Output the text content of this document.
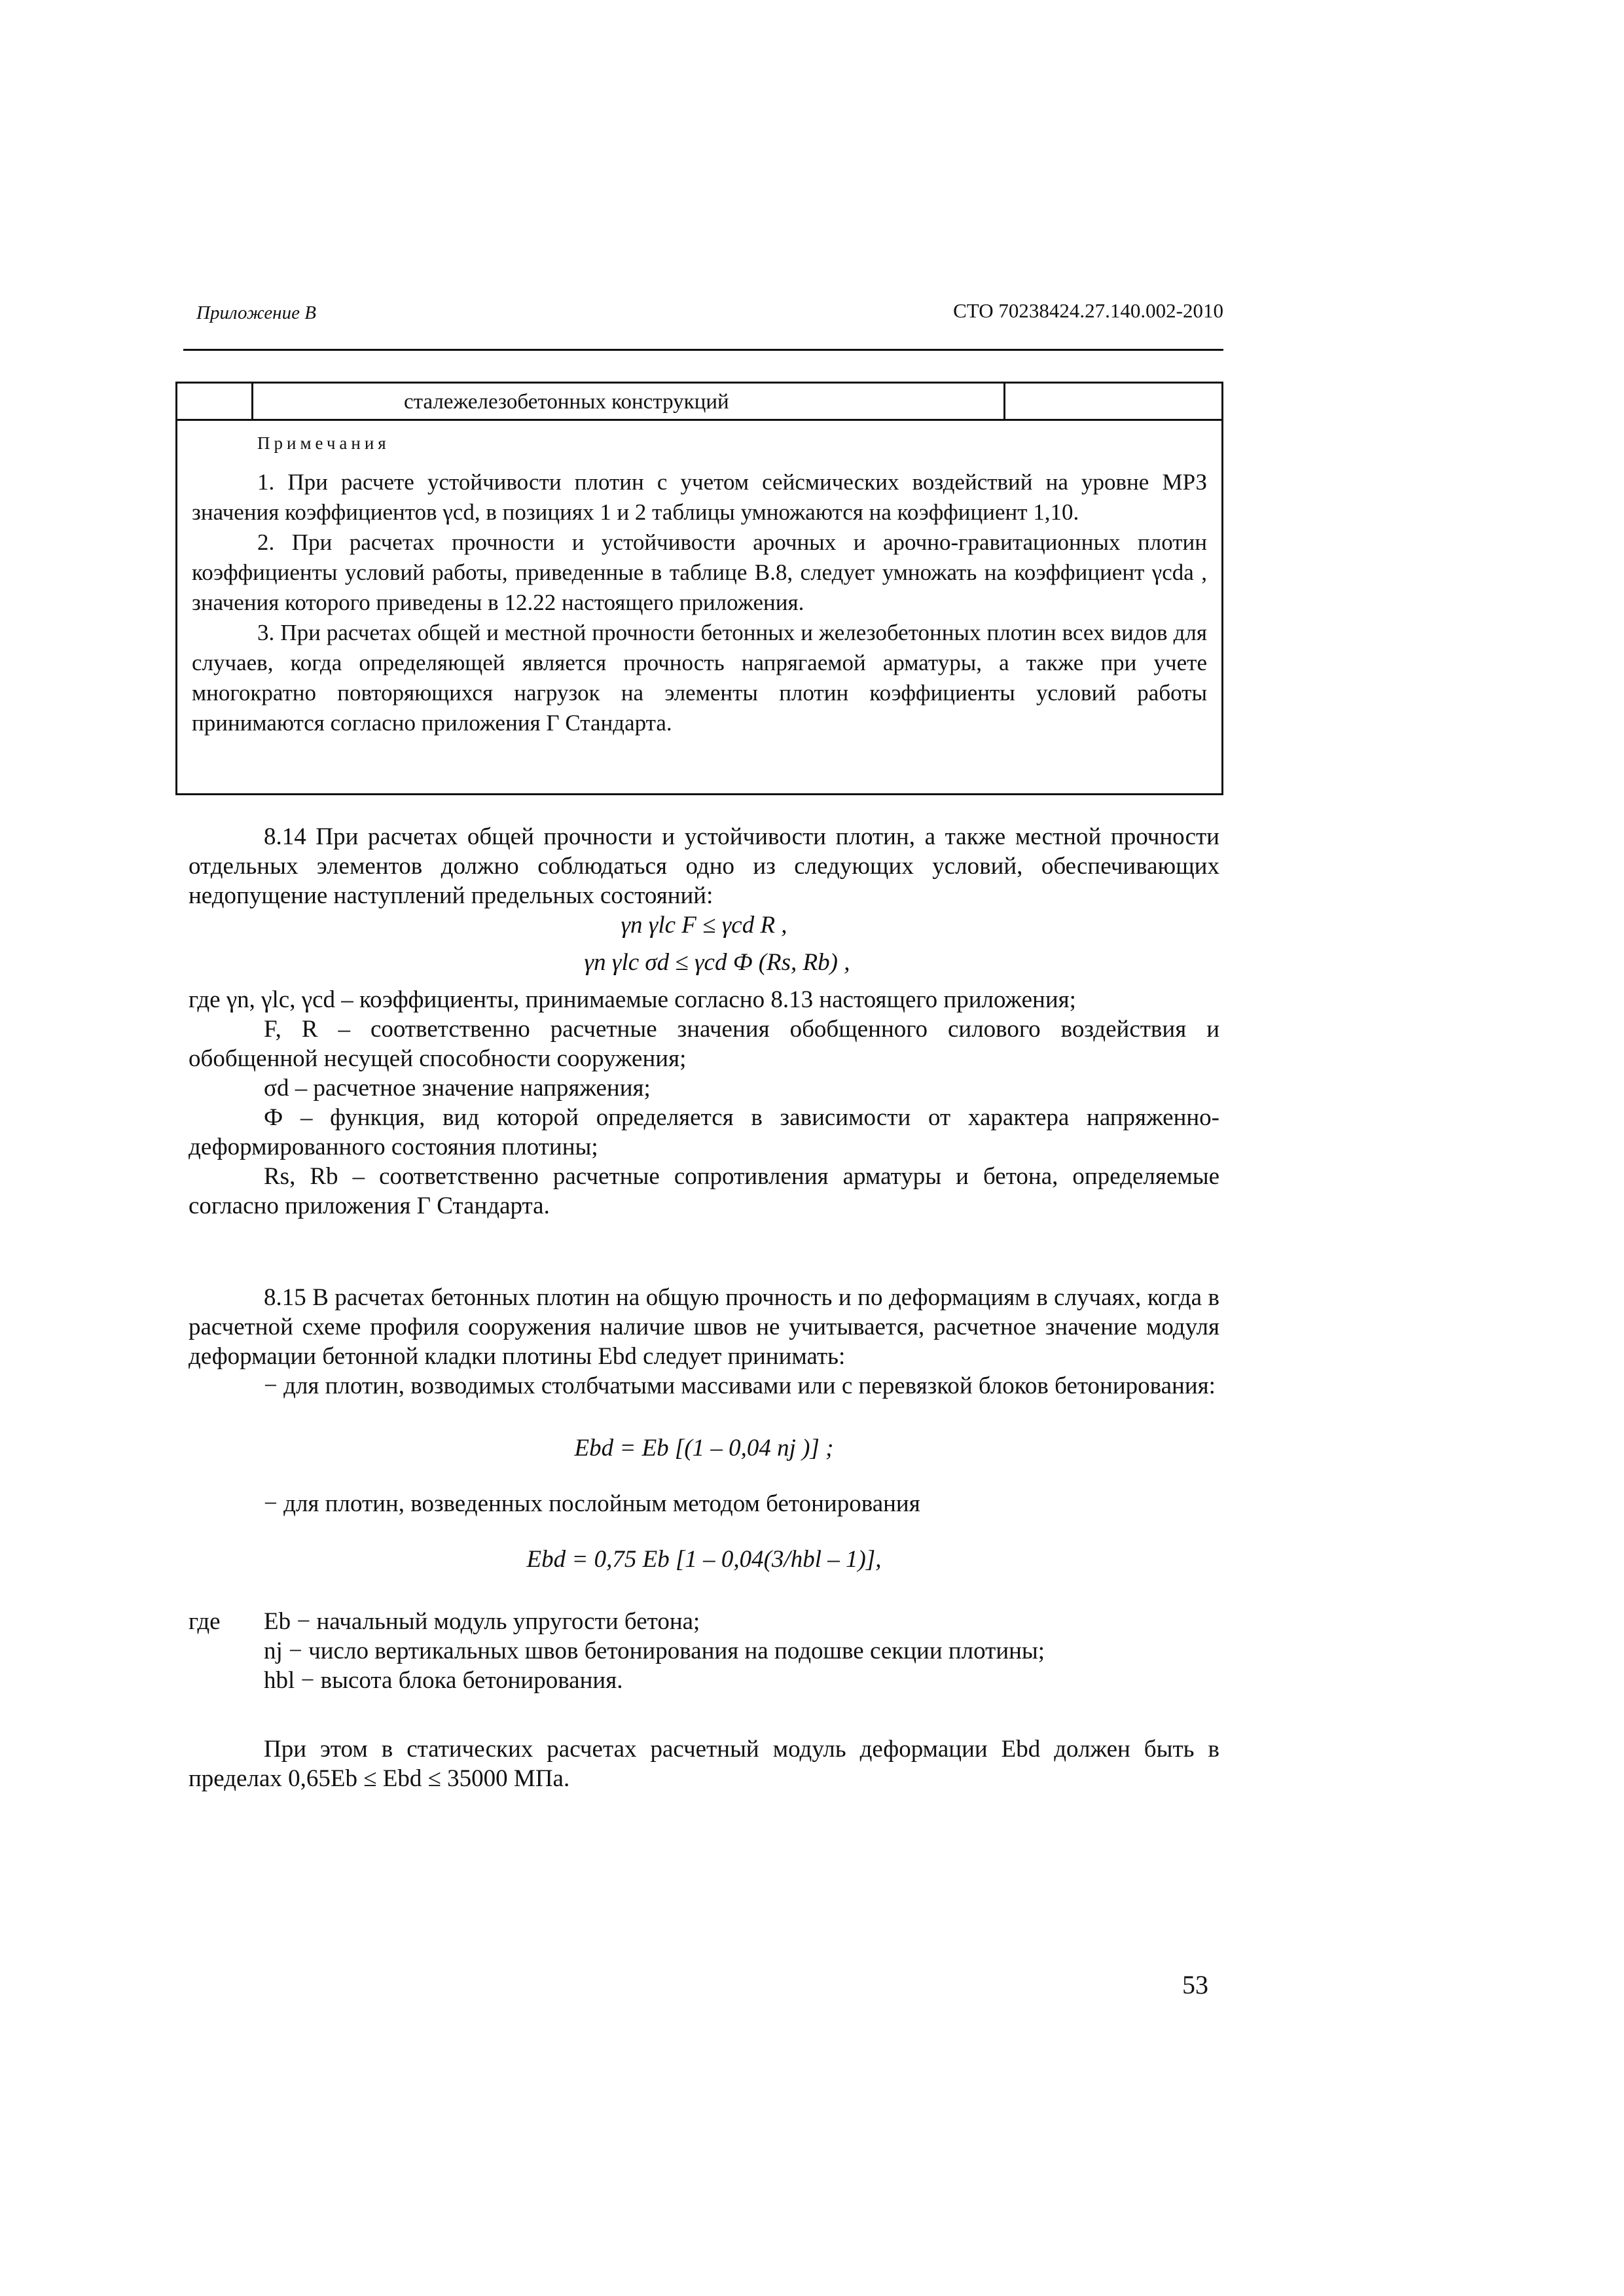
Приложение В	СТО 70238424.27.140.002-2010
сталежелезобетонных конструкций
Примечания

1. При расчете устойчивости плотин с учетом сейсмических воздействий на уровне МРЗ значения коэффициентов γcd, в позициях 1 и 2 таблицы умножаются на коэффициент 1,10.

2. При расчетах прочности и устойчивости арочных и арочно-гравитационных плотин коэффициенты условий работы, приведенные в таблице В.8, следует умножать на коэффициент γcda , значения которого приведены в 12.22 настоящего приложения.

3. При расчетах общей и местной прочности бетонных и железобетонных плотин всех видов для случаев, когда определяющей является прочность напрягаемой арматуры, а также при учете многократно повторяющихся нагрузок на элементы плотин коэффициенты условий работы принимаются согласно приложения Г Стандарта.

8.14 При расчетах общей прочности и устойчивости плотин, а также местной прочности отдельных элементов должно соблюдаться одно из следующих условий, обеспечивающих недопущение наступлений предельных состояний:

γn γlc F ≤ γcd R ,

γn γlc σd ≤ γcd Ф (Rs, Rb) ,

где γn, γlc, γcd – коэффициенты, принимаемые согласно 8.13 настоящего приложения;

F, R – соответственно расчетные значения обобщенного силового воздействия и обобщенной несущей способности сооружения;

σd – расчетное значение напряжения;

Ф – функция, вид которой определяется в зависимости от характера напряженно-деформированного состояния плотины;

Rs, Rb – соответственно расчетные сопротивления арматуры и бетона, определяемые согласно приложения Г Стандарта.

8.15 В расчетах бетонных плотин на общую прочность и по деформациям в случаях, когда в расчетной схеме профиля сооружения наличие швов не учитывается, расчетное значение модуля деформации бетонной кладки плотины Ebd следует принимать:

− для плотин, возводимых столбчатыми массивами или с перевязкой блоков бетонирования:

Ebd = Eb [(1 – 0,04 nj )] ;

− для плотин, возведенных послойным методом бетонирования

Ebd = 0,75 Eb [1 – 0,04(3/hbl – 1)],

где	Eb − начальный модуль упругости бетона;

nj − число вертикальных швов бетонирования на подошве секции плотины;

hbl − высота блока бетонирования.

При этом в статических расчетах расчетный модуль деформации Ebd должен быть в пределах 0,65Eb ≤ Ebd ≤ 35000 МПа.

53
